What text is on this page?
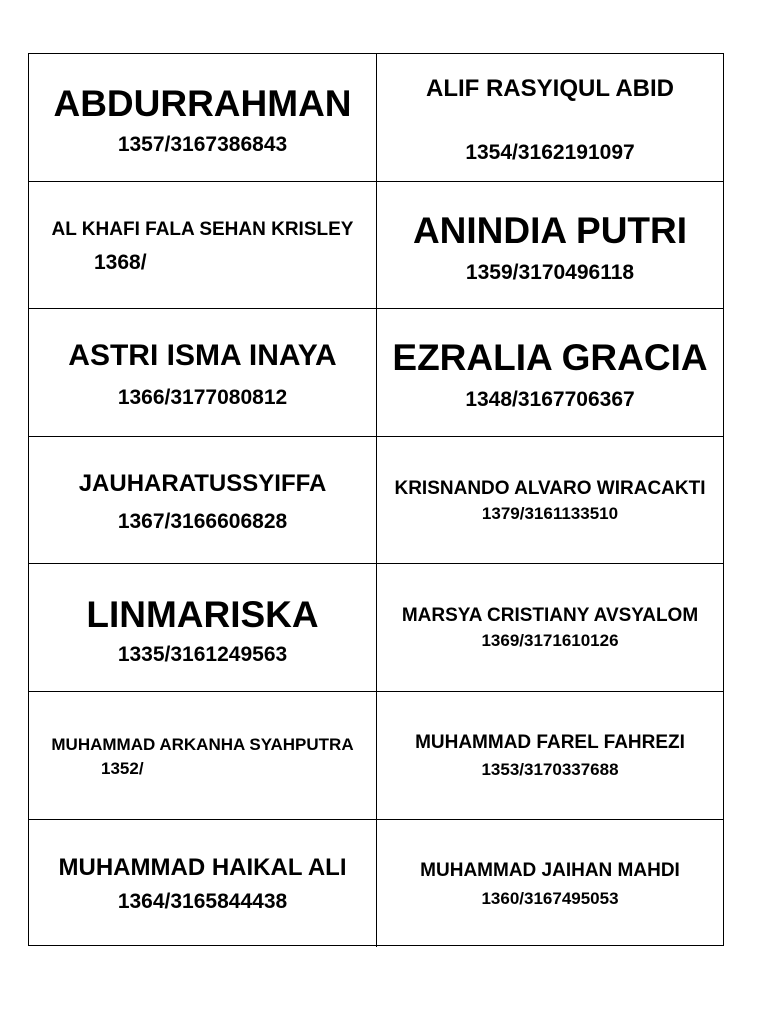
ABDURRAHMAN
1357/3167386843
ALIF RASYIQUL ABID
1354/3162191097
AL KHAFI FALA SEHAN KRISLEY
1368/
ANINDIA PUTRI
1359/3170496118
ASTRI ISMA INAYA
1366/3177080812
EZRALIA GRACIA
1348/3167706367
JAUHARATUSSYIFFA
1367/3166606828
KRISNANDO ALVARO WIRACAKTI
1379/3161133510
LINMARISKA
1335/3161249563
MARSYA CRISTIANY AVSYALOM
1369/3171610126
MUHAMMAD ARKANHA SYAHPUTRA
1352/
MUHAMMAD FAREL FAHREZI
1353/3170337688
MUHAMMAD HAIKAL ALI
1364/3165844438
MUHAMMAD JAIHAN MAHDI
1360/3167495053
